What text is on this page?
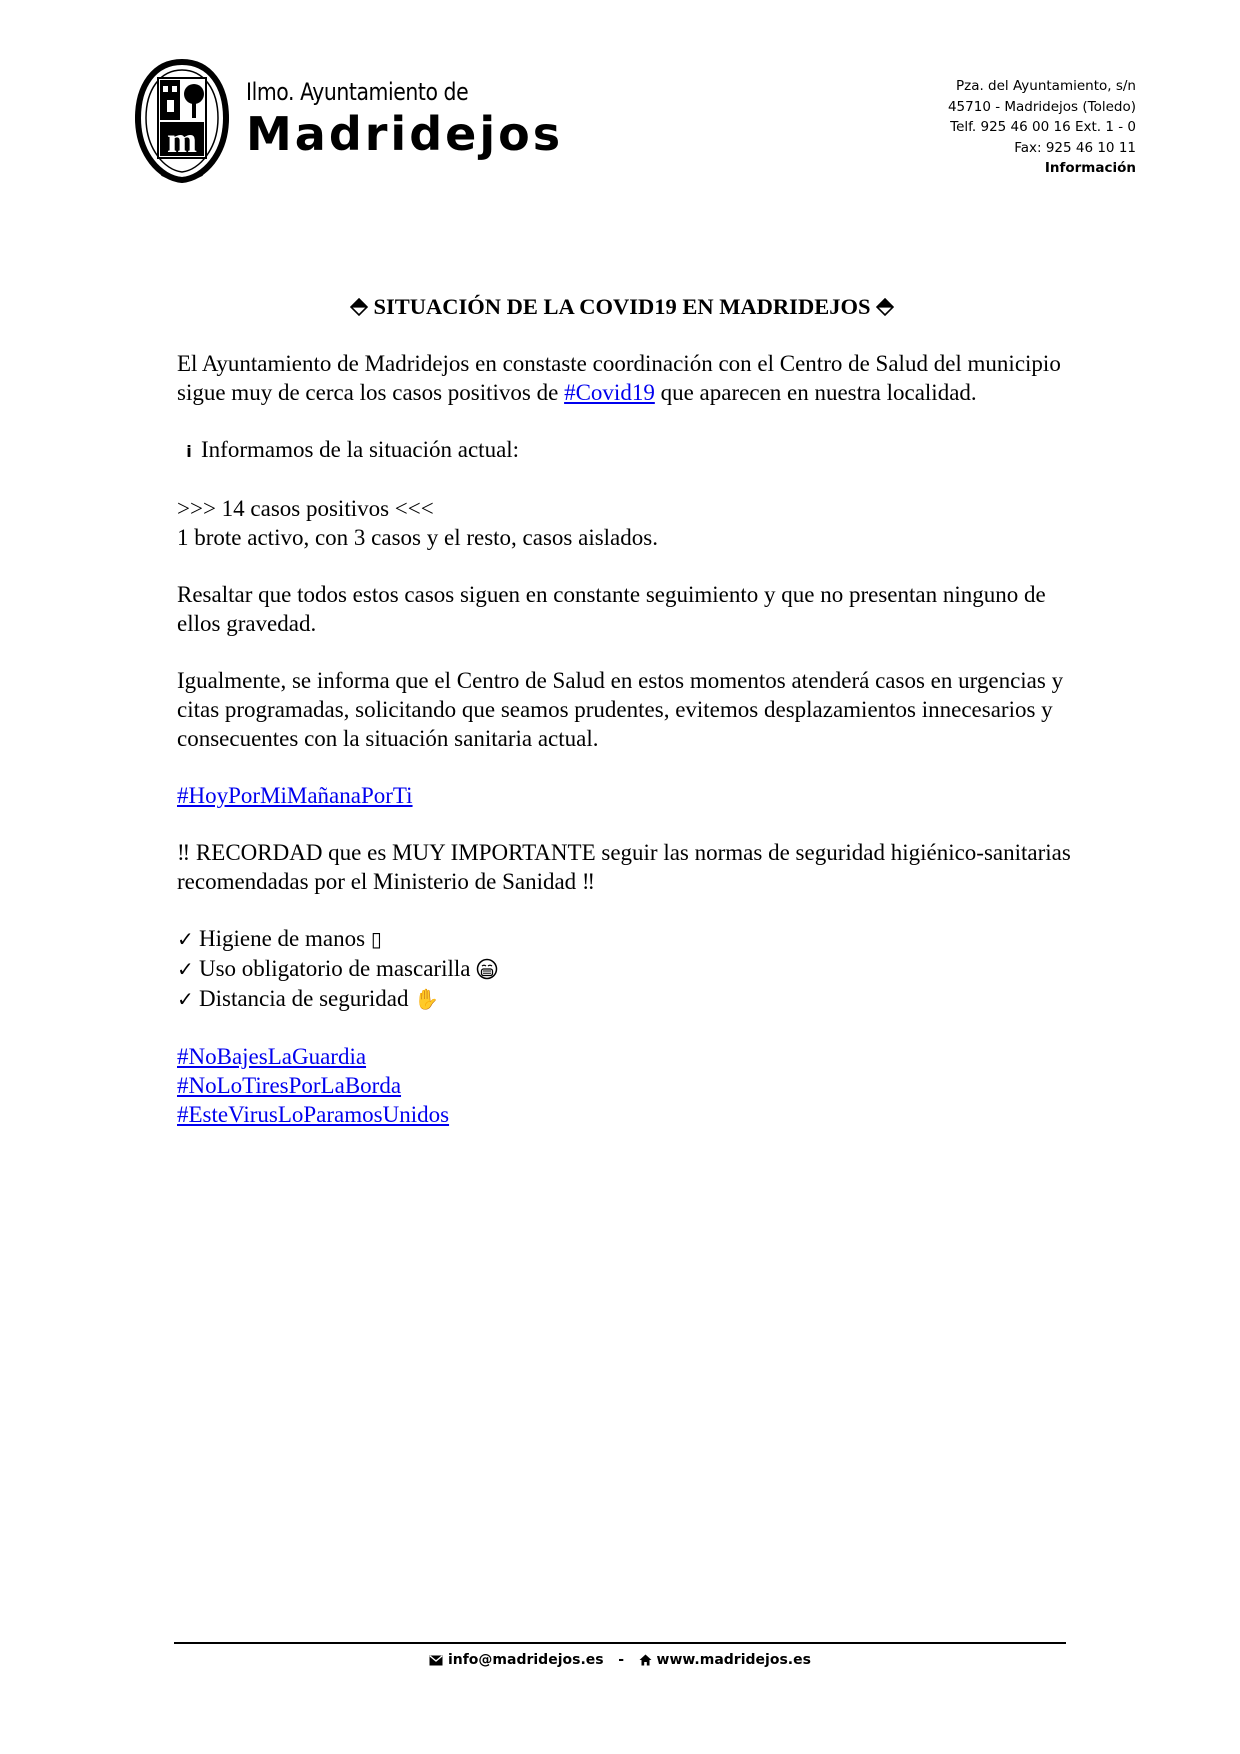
m
Ilmo. Ayuntamiento de
Madridejos
Pza. del Ayuntamiento, s/n
45710 - Madridejos (Toledo)
Telf. 925 46 00 16 Ext. 1 - 0
Fax: 925 46 10 11
Información

SITUACIÓN DE LA COVID19 EN MADRIDEJOS

El Ayuntamiento de Madridejos en constaste coordinación con el Centro de Salud del municipio sigue muy de cerca los casos positivos de #Covid19 que aparecen en nuestra localidad.

i Informamos de la situación actual:

>>> 14 casos positivos <<<
1 brote activo, con 3 casos y el resto, casos aislados.

Resaltar que todos estos casos siguen en constante seguimiento y que no presentan ninguno de ellos gravedad.

Igualmente, se informa que el Centro de Salud en estos momentos atenderá casos en urgencias y citas programadas, solicitando que seamos prudentes, evitemos desplazamientos innecesarios y consecuentes con la situación sanitaria actual.

#HoyPorMiMañanaPorTi

‼ RECORDAD que es MUY IMPORTANTE seguir las normas de seguridad higiénico-sanitarias recomendadas por el Ministerio de Sanidad ‼

✓ Higiene de manos ▯
✓ Uso obligatorio de mascarilla
✓ Distancia de seguridad ✋

#NoBajesLaGuardia

#NoLoTiresPorLaBorda

#EsteVirusLoParamosUnidos

info@madridejos.es - www.madridejos.es
